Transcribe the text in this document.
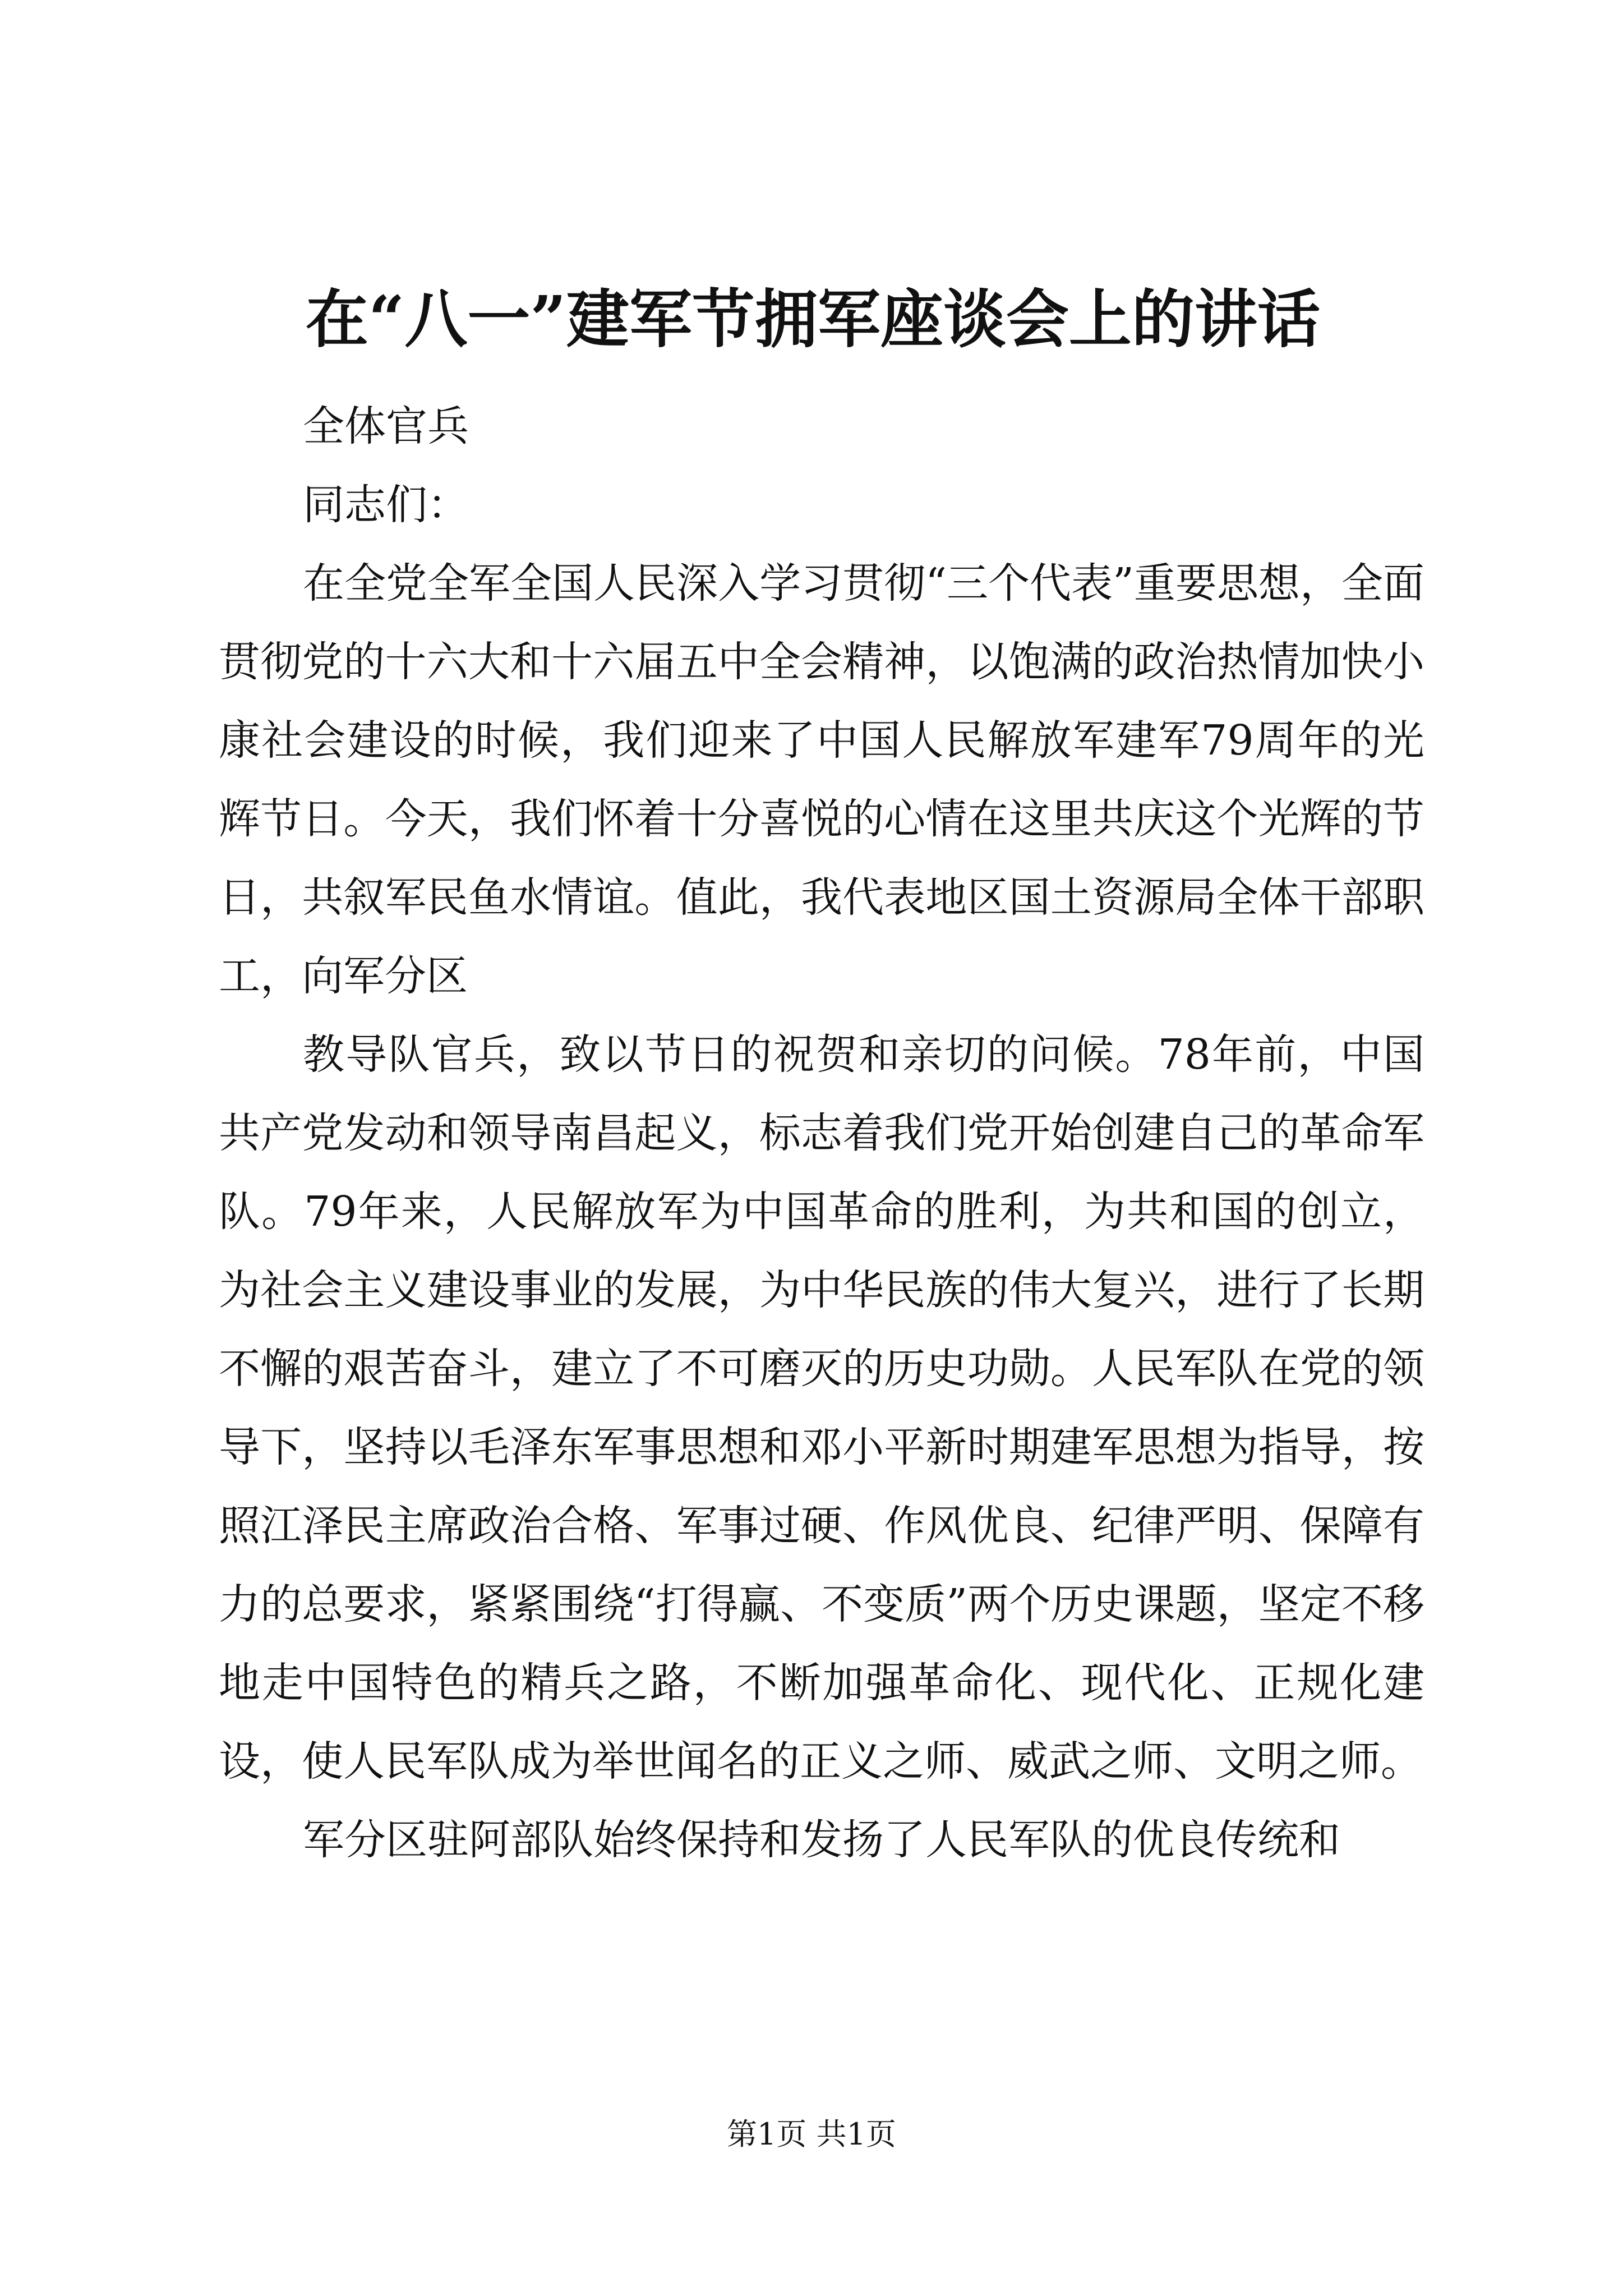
在“八一”建军节拥军座谈会上的讲话

全体官兵

同志们：

在全党全军全国人民深入学习贯彻“三个代表”重要思想，全面贯彻党的十六大和十六届五中全会精神，以饱满的政治热情加快小康社会建设的时候，我们迎来了中国人民解放军建军79周年的光辉节日。今天，我们怀着十分喜悦的心情在这里共庆这个光辉的节日，共叙军民鱼水情谊。值此，我代表地区国土资源局全体干部职工，向军分区

教导队官兵，致以节日的祝贺和亲切的问候。78年前，中国共产党发动和领导南昌起义，标志着我们党开始创建自己的革命军队。79年来，人民解放军为中国革命的胜利，为共和国的创立，为社会主义建设事业的发展，为中华民族的伟大复兴，进行了长期不懈的艰苦奋斗，建立了不可磨灭的历史功勋。人民军队在党的领导下，坚持以毛泽东军事思想和邓小平新时期建军思想为指导，按照江泽民主席政治合格、军事过硬、作风优良、纪律严明、保障有力的总要求，紧紧围绕“打得赢、不变质”两个历史课题，坚定不移地走中国特色的精兵之路，不断加强革命化、现代化、正规化建设，使人民军队成为举世闻名的正义之师、威武之师、文明之师。

军分区驻阿部队始终保持和发扬了人民军队的优良传统和

第1页 共1页
